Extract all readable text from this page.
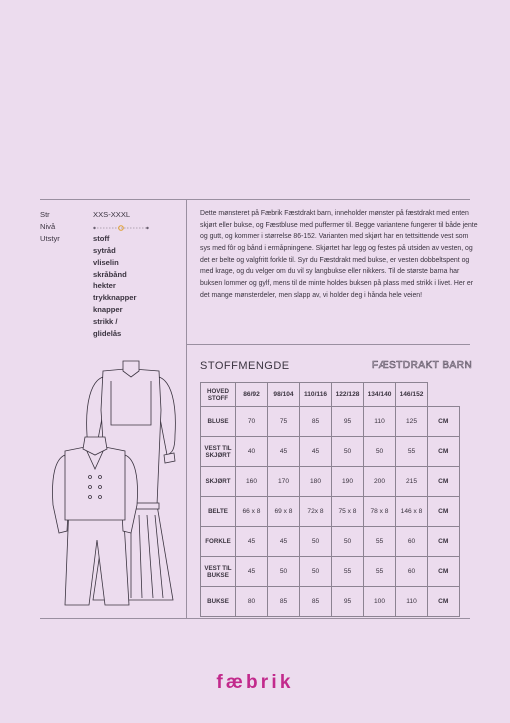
Str	XXS-XXXL
Nivå
Utstyr	stoff
sytråd
vliselin
skråbånd
hekter
trykknapper
knapper
strikk / glidelås
Dette mønsteret på Fæbrik Fæstdrakt barn, inneholder mønster på fæstdrakt med enten skjørt eller bukse, og Fæstbluse med puffermer til. Begge variantene fungerer til både jente og gutt, og kommer i størrelse 86-152. Varianten med skjørt har en tettsittende vest som sys med fôr og bånd i ermåpningene. Skjørtet har legg og festes på utsiden av vesten, og det er belte og valgfritt forkle til. Syr du Fæstdrakt med bukse, er vesten dobbeltspent og med krage, og du velger om du vil sy langbukse eller nikkers. Til de største barna har buksen lommer og gylf, mens til de minte holdes buksen på plass med strikk i livet. Her er det mange mønsterdeler, men slapp av, vi holder deg i hånda hele veien!
STOFFMENGDE	FÆSTDRAKT BARN
HOVED
STOFF	86/92	98/104	110/116	122/128	134/140	146/152	
BLUSE	70	75	85	95	110	125	CM
VEST TIL
SKJØRT	40	45	45	50	50	55	CM
SKJØRT	160	170	180	190	200	215	CM
BELTE	66 x 8	69 x 8	72x 8	75 x 8	78 x 8	146 x 8	CM
FORKLE	45	45	50	50	55	60	CM
VEST TIL
BUKSE	45	50	50	55	55	60	CM
BUKSE	80	85	85	95	100	110	CM
fæbrik
